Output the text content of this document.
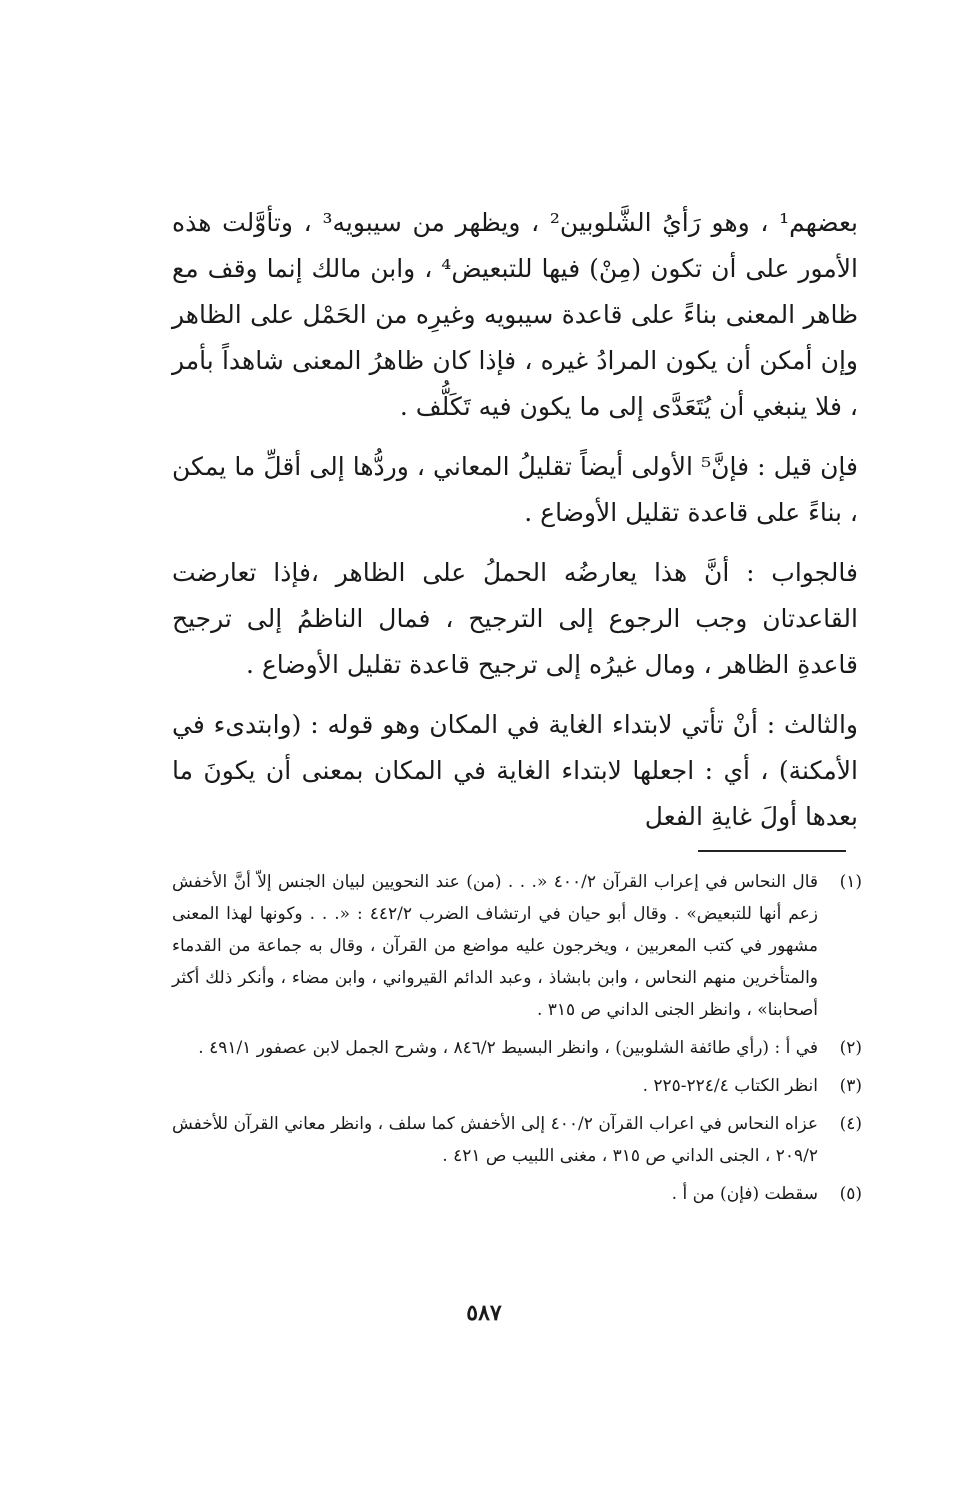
بعضهم¹ ، وهو رَأيُ الشَّلوبين² ، ويظهر من سيبويه³ ، وتأوَّلت هذه الأمور على أن تكون (مِنْ) فيها للتبعيض⁴ ، وابن مالك إنما وقف مع ظاهر المعنى بناءً على قاعدة سيبويه وغيرِه من الحَمْل على الظاهر وإن أمكن أن يكون المرادُ غيره ، فإذا كان ظاهرُ المعنى شاهداً بأمر ، فلا ينبغي أن يُتَعَدَّى إلى ما يكون فيه تَكَلُّف .

فإن قيل : فإنَّ⁵ الأولى أيضاً تقليلُ المعاني ، وردُّها إلى أقلِّ ما يمكن ، بناءً على قاعدة تقليل الأوضاع .

فالجواب : أنَّ هذا يعارضُه الحملُ على الظاهر ،فإذا تعارضت القاعدتان وجب الرجوع إلى الترجيح ، فمال الناظمُ إلى ترجيح قاعدةِ الظاهر ، ومال غيرُه إلى ترجيح قاعدة تقليل الأوضاع .

والثالث : أنْ تأتي لابتداء الغاية في المكان وهو قوله : (وابتدىء في الأمكنة) ، أي : اجعلها لابتداء الغاية في المكان بمعنى أن يكونَ ما بعدها أولَ غايةِ الفعل

(١)

قال النحاس في إعراب القرآن ٤٠٠/٢ «. . . (من) عند النحويين لبيان الجنس إلاّ أنَّ الأخفش زعم أنها للتبعيض» . وقال أبو حيان في ارتشاف الضرب ٤٤٢/٢ : «. . . وكونها لهذا المعنى مشهور في كتب المعربين ، ويخرجون عليه مواضع من القرآن ، وقال به جماعة من القدماء والمتأخرين منهم النحاس ، وابن بابشاذ ، وعبد الدائم القيرواني ، وابن مضاء ، وأنكر ذلك أكثر أصحابنا» ، وانظر الجنى الداني ص ٣١٥ .

(٢)

في أ : (رأي طائفة الشلوبين) ، وانظر البسيط ٨٤٦/٢ ، وشرح الجمل لابن عصفور ٤٩١/١ .

(٣)

انظر الكتاب ٢٢٤/٤-٢٢٥ .

(٤)

عزاه النحاس في اعراب القرآن ٤٠٠/٢ إلى الأخفش كما سلف ، وانظر معاني القرآن للأخفش ٢٠٩/٢ ، الجنى الداني ص ٣١٥ ، مغنى اللبيب ص ٤٢١ .

(٥)

سقطت (فإن) من أ .

٥٨٧
